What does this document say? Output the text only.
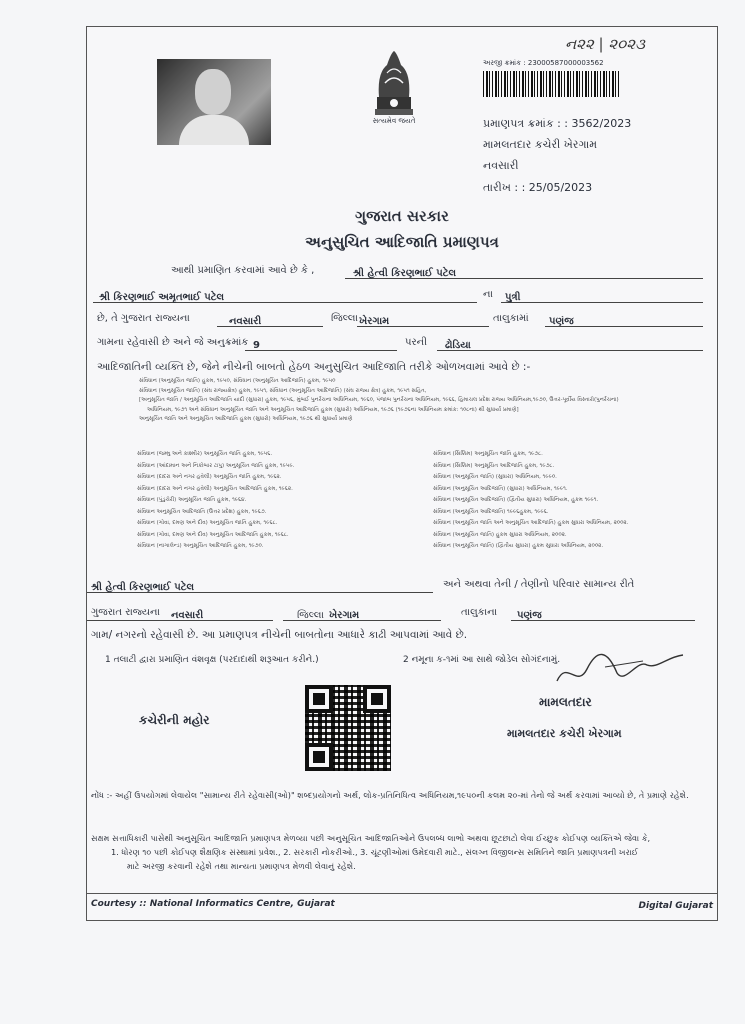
સત્યમેવ જયતે
ન૨૨ | ૨૦૨૩
અરજી ક્રમાંક : 23000587000003562
પ્રમાણપત્ર ક્રમાંક : : 3562/2023
મામલતદાર કચેરી ખેરગામ
નવસારી
તારીખ : : 25/05/2023
ગુજરાત સરકાર
અનુસુચિત આદિજાતિ પ્રમાણપત્ર
આથી પ્રમાણિત કરવામાં આવે છે કે ,	શ્રી હેત્વી કિરણભાઈ પટેલ
શ્રી કિરણભાઈ અમૃતભાઈ પટેલ	ના	પુત્રી
છે, તે ગુજરાત રાજ્યના	નવસારી	જિલ્લા ખેરગામ	તાલુકામાં	પણંજ
ગામના રહેવાસી છે અને જે અનુક્રમાંક 9	પરની	ઢોડિયા
આદિજાતિની વ્યક્તિ છે, જેને નીચેની બાબતો હેઠળ અનુસુચિત આદિજાતિ તરીકે ઓળખવામાં આવે છે :-
સંવિધાન (અનુસૂચિત જાતિ) હુકમ, ૧૯૫૦, સંવિધાન (અનુસૂચિત આદિજાતિ) હુકમ, ૧૯૫૦
સંવિધાન (અનુસૂચિત જાતિ) (સંઘ રાજ્યક્ષેત્ર) હુકમ, ૧૯૫૧, સંવિધાન (અનુસૂચિત આદિજાતિ) (સંઘ રાજ્ય ક્ષેત્ર) હુકમ, ૧૯૫૧ સહિત,
[અનુસૂચિત જાતિ / અનુસૂચિત આદિજાતિ યાદી (સુધારા) હુકમ, ૧૯૫૬, મુંબઈ પુનર્રચના અધિનિયમ, ૧૯૬૦, પંજાબ પુનર્રચના અધિનિયમ, ૧૯૬૬, હિમાચલ પ્રદેશ રાજ્ય અધિનિયમ,૧૯૭૦, ઉત્તર-પૂર્વીય વિસ્તારો(પુનર્રચના)
અધિનિયમ, ૧૯૭૧ અને સંવિધાન અનુસૂચિત જાતિ અને અનુસૂચિત આદિજાતિ હુકમ (સુધારો) અધિનિયમ, ૧૯૭૬ (૧૯૭૬ના અધિનિયમ ક્રમાંક: ૧૦૮ના) થી સુધાર્યા પ્રમાણે]
અનુસૂચિત જાતિ અને અનુસૂચિત આદિજાતિ હુકમ (સુધારો) અધિનિયમ, ૧૯૭૬ થી સુધાર્યા પ્રમાણે
સંવિધાન (જમ્મુ અને કાશ્મીર) અનુસૂચિત જાતિ હુકમ, ૧૯૫૬.
સંવિધાન (આંદામાન અને નિકોબાર ટાપુ) અનુસૂચિત જાતિ હુકમ, ૧૯૫૯.
સંવિધાન (દાદરા અને નગર હવેલી) અનુસૂચિત જાતિ હુકમ, ૧૯૬૨.
સંવિધાન (દાદરા અને નગર હવેલી) અનુસૂચિત આદિજાતિ હુકમ, ૧૯૬૨.
સંવિધાન (પુંડુચેરી) અનુસૂચિત જાતિ હુકમ, ૧૯૬૪.
સંવિધાન અનુસૂચિત આદિજાતિ (ઉત્તર પ્રદેશ) હુકમ, ૧૯૬૭.
સંવિધાન (ગોવા, દમણ અને દીવ) અનુસૂચિત જાતિ હુકમ, ૧૯૬૮.
સંવિધાન (ગોવા, દમણ અને દીવ) અનુસૂચિત આદિજાતિ હુકમ, ૧૯૬૮.
સંવિધાન (નાગાલેન્ડ) અનુસૂચિત આદિજાતિ હુકમ, ૧૯૭૦.
સંવિધાન (સિક્કિમ) અનુસૂચિત જાતિ હુકમ, ૧૯૭૮.
સંવિધાન (સિક્કિમ) અનુસૂચિત આદિજાતિ હુકમ, ૧૯૭૮.
સંવિધાન (અનુસૂચિત જાતિ) (સુધારા) અધિનિયમ, ૧૯૯૦.
સંવિધાન (અનુસૂચિત આદિજાતિ) (સુધારા) અધિનિયમ, ૧૯૯૧.
સંવિધાન (અનુસૂચિત આદિજાતિ) (દ્વિતીય સુધારા) અધિનિયમ, હુકમ ૧૯૯૧.
સંવિધાન (અનુસૂચિત આદિજાતિ) ૧૯૯૬હુકમ, ૧૯૯૬.
સંવિધાન (અનુસૂચિત જાતિ અને અનુસૂચિત આદિજાતિ) હુકમ સુધારા અધિનિયમ, ૨૦૦૨.
સંવિધાન (અનુસૂચિત જાતિ) હુકમ સુધારા અધિનિયમ, ૨૦૦૨.
સંવિધાન (અનુસૂચિત જાતિ) (દ્વિતીય સુધારા) હુકમ સુધારા અધિનિયમ, ૨૦૦૨.
શ્રી હેત્વી કિરણભાઈ પટેલ	અને અથવા તેની / તેણીનો પરિવાર સામાન્ય રીતે
ગુજરાત રાજ્યના	નવસારી	જિલ્લા ખેરગામ	તાલુકાના	પણંજ
ગામ/ નગરનો રહેવાસી છે. આ પ્રમાણપત્ર નીચેની બાબતોના આધારે કાઢી આપવામાં આવે છે.
1 તલાટી દ્વારા પ્રમાણિત વંશવૃક્ષ (પરદાદાથી શરૂઆત કરીને.)	2 નમૂના ક-૧માં આ સાથે જોડેલ સોગંદનામું.
કચેરીની મહોર
મામલતદાર
મામલતદાર કચેરી ખેરગામ
નોંધ :- અહીં ઉપયોગમાં લેવાયેલ "સામાન્ય રીતે રહેવાસી(ઓ)" શબ્દપ્રયોગનો અર્થ, લોક-પ્રતિનિધિત્વ અધિનિયમ,૧૯૫૦ની કલમ ૨૦-માં તેનો જે અર્થ કરવામાં આવ્યો છે, તે પ્રમાણે રહેશે.
સક્ષમ સત્તાધિકારી પાસેથી અનુસૂચિત આદિજાતિ પ્રમાણપત્ર મેળવ્યા પછી અનુસૂચિત આદિજાતિઓને ઉપલબ્ધ લાભો અથવા છૂટછાટો લેવા ઈચ્છુક કોઈપણ વ્યક્તિએ જેવા કે,
1. ધોરણ ૧૦ પછી કોઈપણ શૈક્ષણિક સંસ્થામાં પ્રવેશ., 2. સરકારી નોકરીઓ., 3. ચૂંટણીઓમાં ઉમેદવારી માટે., સંલગ્ન વિજીલન્સ સમિતિને જાતિ પ્રમાણપત્રની ખરાઈ
માટે અરજી કરવાની રહેશે તથા માન્યતા પ્રમાણપત્ર મેળવી લેવાનું રહેશે.
Courtesy :: National Informatics Centre, Gujarat	Digital Gujarat
